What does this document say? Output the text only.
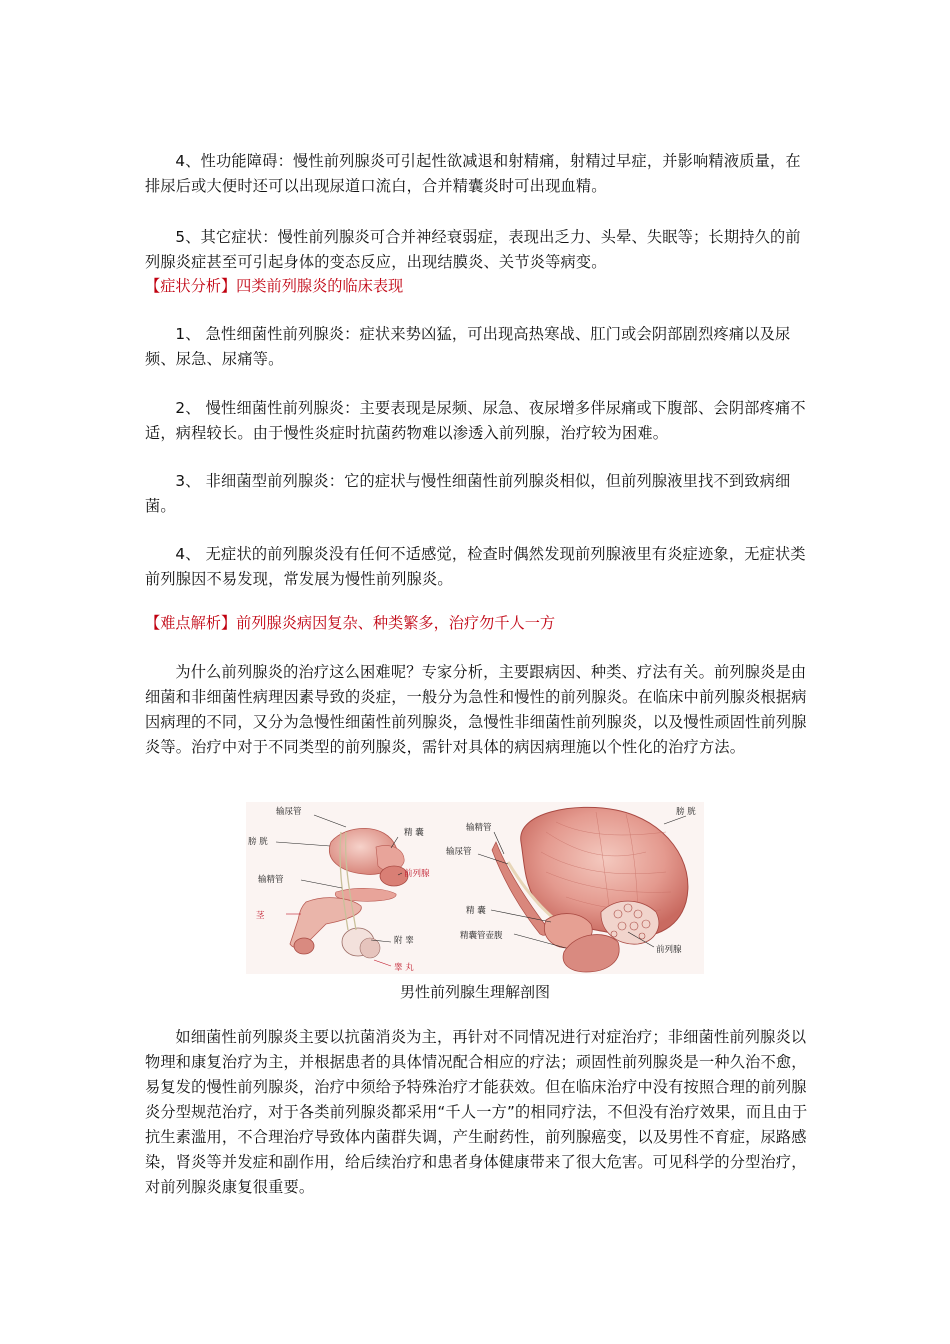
4、性功能障碍：慢性前列腺炎可引起性欲减退和射精痛，射精过早症，并影响精液质量，在排尿后或大便时还可以出现尿道口流白，合并精囊炎时可出现血精。

5、其它症状：慢性前列腺炎可合并神经衰弱症，表现出乏力、头晕、失眠等；长期持久的前列腺炎症甚至可引起身体的变态反应，出现结膜炎、关节炎等病变。

【症状分析】四类前列腺炎的临床表现

1、 急性细菌性前列腺炎：症状来势凶猛，可出现高热寒战、肛门或会阴部剧烈疼痛以及尿频、尿急、尿痛等。

2、 慢性细菌性前列腺炎：主要表现是尿频、尿急、夜尿增多伴尿痛或下腹部、会阴部疼痛不适，病程较长。由于慢性炎症时抗菌药物难以渗透入前列腺，治疗较为困难。

3、 非细菌型前列腺炎：它的症状与慢性细菌性前列腺炎相似，但前列腺液里找不到致病细菌。

4、 无症状的前列腺炎没有任何不适感觉，检查时偶然发现前列腺液里有炎症迹象，无症状类前列腺因不易发现，常发展为慢性前列腺炎。

【难点解析】前列腺炎病因复杂、种类繁多，治疗勿千人一方

为什么前列腺炎的治疗这么困难呢？专家分析，主要跟病因、种类、疗法有关。前列腺炎是由细菌和非细菌性病理因素导致的炎症，一般分为急性和慢性的前列腺炎。在临床中前列腺炎根据病因病理的不同，又分为急慢性细菌性前列腺炎，急慢性非细菌性前列腺炎，以及慢性顽固性前列腺炎等。治疗中对于不同类型的前列腺炎，需针对具体的病因病理施以个性化的治疗方法。

输尿管
膀 胱
精 囊
输精管
前列腺
茎
附 睾
睾 丸
膀 胱
输精管
输尿管
精 囊
精囊管壶腹
前列腺

男性前列腺生理解剖图

如细菌性前列腺炎主要以抗菌消炎为主，再针对不同情况进行对症治疗；非细菌性前列腺炎以物理和康复治疗为主，并根据患者的具体情况配合相应的疗法；顽固性前列腺炎是一种久治不愈，易复发的慢性前列腺炎，治疗中须给予特殊治疗才能获效。但在临床治疗中没有按照合理的前列腺炎分型规范治疗，对于各类前列腺炎都采用“千人一方”的相同疗法，不但没有治疗效果，而且由于抗生素滥用，不合理治疗导致体内菌群失调，产生耐药性，前列腺癌变，以及男性不育症，尿路感染，肾炎等并发症和副作用，给后续治疗和患者身体健康带来了很大危害。可见科学的分型治疗，对前列腺炎康复很重要。
